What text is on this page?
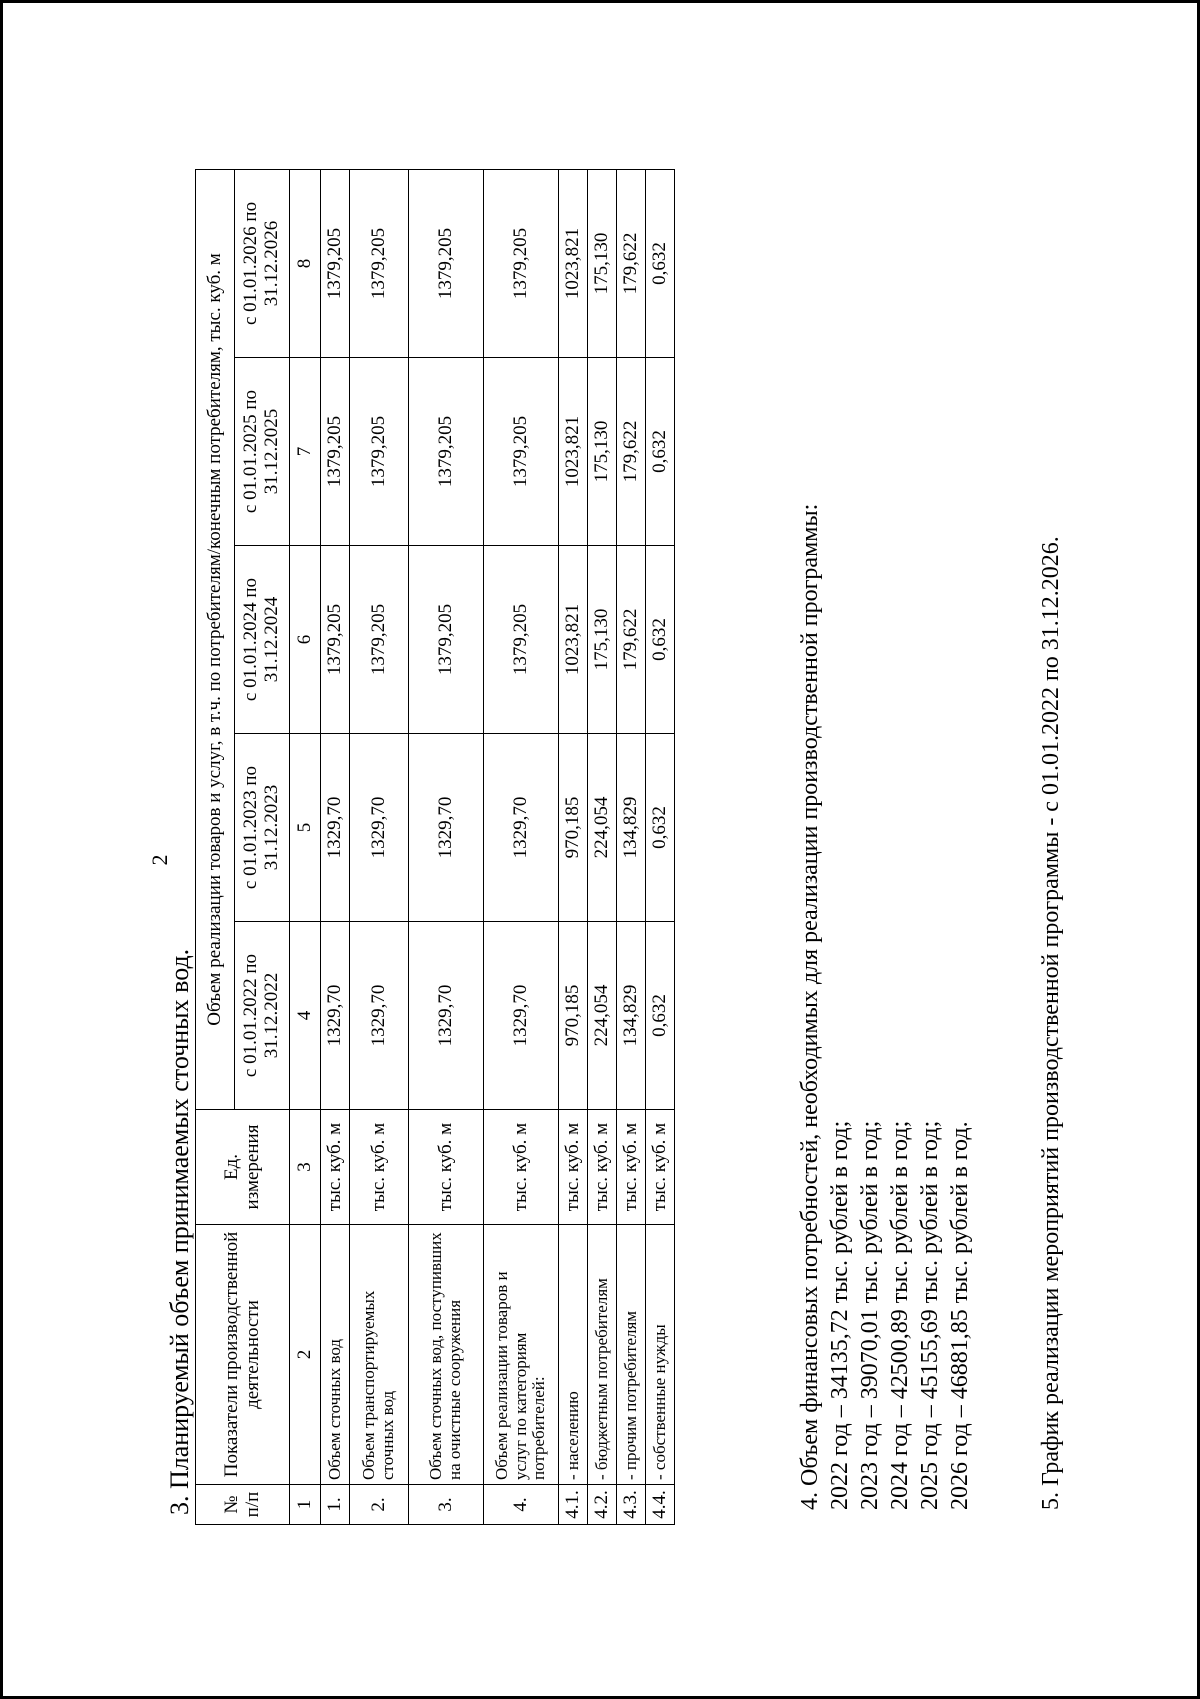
2
3. Планируемый объем принимаемых сточных вод. № п/п	Показатели производственной деятельности	Ед. измерения	Объем реализации товаров и услуг, в т.ч. по потребителям/конечным потребителям, тыс. куб. м				
			с 01.01.2022 по 31.12.2022	с 01.01.2023 по 31.12.2023	с 01.01.2024 по 31.12.2024	с 01.01.2025 по 31.12.2025	с 01.01.2026 по 31.12.2026
1	2	3	4	5	6	7	8
1.	Объем сточных вод	тыс. куб. м	1329,70	1329,70	1379,205	1379,205	1379,205
2.	Объем транспортируемых сточных вод	тыс. куб. м	1329,70	1329,70	1379,205	1379,205	1379,205
3.	Объем сточных вод, поступивших на очистные сооружения	тыс. куб. м	1329,70	1329,70	1379,205	1379,205	1379,205
4.	Объем реализации товаров и услуг по категориям потребителей:	тыс. куб. м	1329,70	1329,70	1379,205	1379,205	1379,205
4.1.	- населению	тыс. куб. м	970,185	970,185	1023,821	1023,821	1023,821
4.2.	- бюджетным потребителям	тыс. куб. м	224,054	224,054	175,130	175,130	175,130
4.3.	- прочим потребителям	тыс. куб. м	134,829	134,829	179,622	179,622	179,622
4.4.	- собственные нужды	тыс. куб. м	0,632	0,632	0,632	0,632	0,632
4. Объем финансовых потребностей, необходимых для реализации производственной программы: 2022 год – 34135,72 тыс. рублей в год; 2023 год – 39070,01 тыс. рублей в год; 2024 год – 42500,89 тыс. рублей в год; 2025 год – 45155,69 тыс. рублей в год; 2026 год – 46881,85 тыс. рублей в год.	5. График реализации мероприятий производственной программы - с 01.01.2022 по 31.12.2026.
